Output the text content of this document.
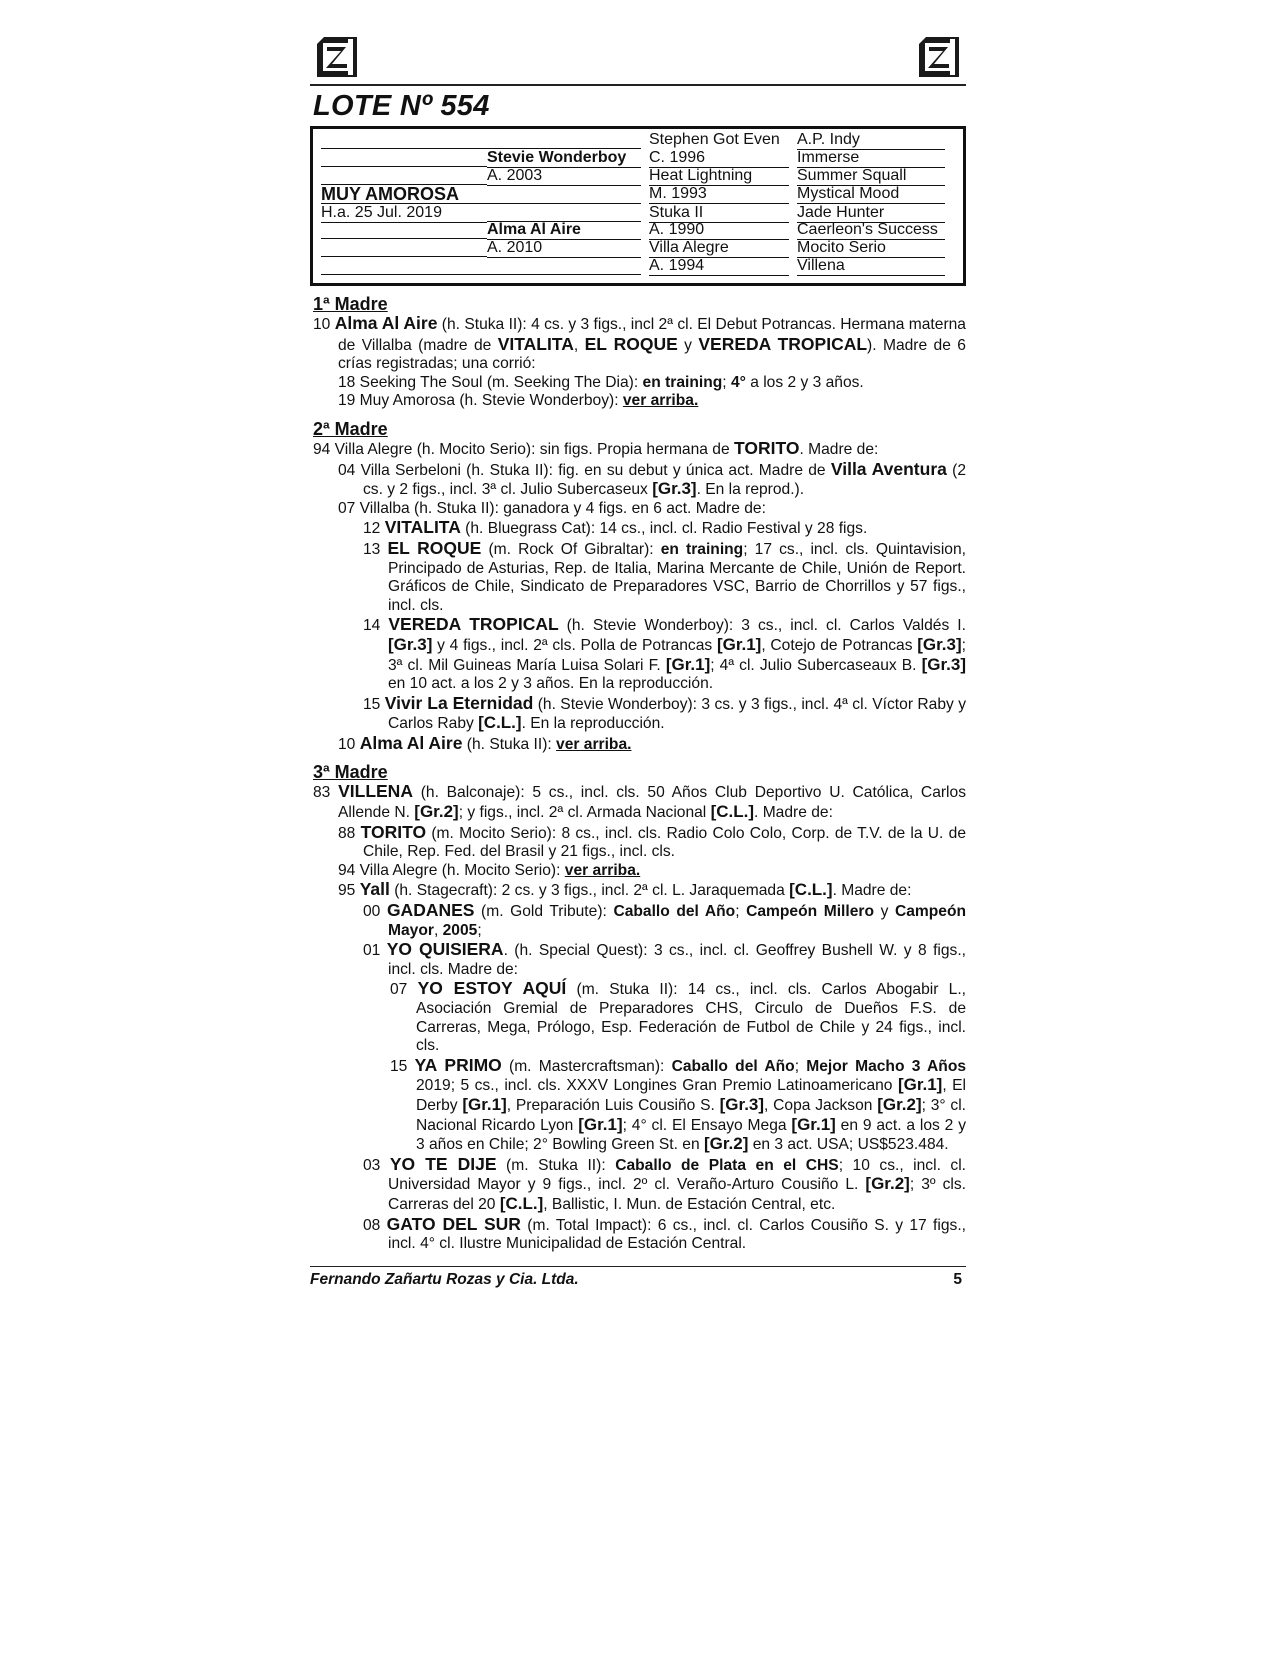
LOTE Nº 554
MUY AMOROSA
H.a. 25 Jul. 2019
Stevie Wonderboy
A. 2003
Alma Al Aire
A. 2010
Stephen Got Even
C. 1996
Heat Lightning
M. 1993
Stuka II
A. 1990
Villa Alegre
A. 1994
A.P. Indy
Immerse
Summer Squall
Mystical Mood
Jade Hunter
Caerleon's Success
Mocito Serio
Villena
1ª Madre
10 Alma Al Aire (h. Stuka II): 4 cs. y 3 figs., incl 2ª cl. El Debut Potrancas. Hermana materna de Villalba (madre de VITALITA, EL ROQUE y VEREDA TROPICAL). Madre de 6 crías registradas; una corrió:
18 Seeking The Soul (m. Seeking The Dia): en training; 4° a los 2 y 3 años.
19 Muy Amorosa (h. Stevie Wonderboy): ver arriba.
2ª Madre
94 Villa Alegre (h. Mocito Serio): sin figs. Propia hermana de TORITO. Madre de:
04 Villa Serbeloni (h. Stuka II): fig. en su debut y única act. Madre de Villa Aventura (2 cs. y 2 figs., incl. 3ª cl. Julio Subercaseux [Gr.3]. En la reprod.).
07 Villalba (h. Stuka II): ganadora y 4 figs. en 6 act. Madre de:
12 VITALITA (h. Bluegrass Cat): 14 cs., incl. cl. Radio Festival y 28 figs.
13 EL ROQUE (m. Rock Of Gibraltar): en training; 17 cs., incl. cls. Quintavision, Principado de Asturias, Rep. de Italia, Marina Mercante de Chile, Unión de Report. Gráficos de Chile, Sindicato de Preparadores VSC, Barrio de Chorrillos y 57 figs., incl. cls.
14 VEREDA TROPICAL (h. Stevie Wonderboy): 3 cs., incl. cl. Carlos Valdés I. [Gr.3] y 4 figs., incl. 2ª cls. Polla de Potrancas [Gr.1], Cotejo de Potrancas [Gr.3]; 3ª cl. Mil Guineas María Luisa Solari F. [Gr.1]; 4ª cl. Julio Subercaseaux B. [Gr.3] en 10 act. a los 2 y 3 años. En la reproducción.
15 Vivir La Eternidad (h. Stevie Wonderboy): 3 cs. y 3 figs., incl. 4ª cl. Víctor Raby y Carlos Raby [C.L.]. En la reproducción.
10 Alma Al Aire (h. Stuka II): ver arriba.
3ª Madre
83 VILLENA (h. Balconaje): 5 cs., incl. cls. 50 Años Club Deportivo U. Católica, Carlos Allende N. [Gr.2]; y figs., incl. 2ª cl. Armada Nacional [C.L.]. Madre de:
88 TORITO (m. Mocito Serio): 8 cs., incl. cls. Radio Colo Colo, Corp. de T.V. de la U. de Chile, Rep. Fed. del Brasil y 21 figs., incl. cls.
94 Villa Alegre (h. Mocito Serio): ver arriba.
95 Yall (h. Stagecraft): 2 cs. y 3 figs., incl. 2ª cl. L. Jaraquemada [C.L.]. Madre de:
00 GADANES (m. Gold Tribute): Caballo del Año; Campeón Millero y Campeón Mayor, 2005;
01 YO QUISIERA. (h. Special Quest): 3 cs., incl. cl. Geoffrey Bushell W. y 8 figs., incl. cls. Madre de:
07 YO ESTOY AQUÍ (m. Stuka II): 14 cs., incl. cls. Carlos Abogabir L., Asociación Gremial de Preparadores CHS, Circulo de Dueños F.S. de Carreras, Mega, Prólogo, Esp. Federación de Futbol de Chile y 24 figs., incl. cls.
15 YA PRIMO (m. Mastercraftsman): Caballo del Año; Mejor Macho 3 Años 2019; 5 cs., incl. cls. XXXV Longines Gran Premio Latinoamericano [Gr.1], El Derby [Gr.1], Preparación Luis Cousiño S. [Gr.3], Copa Jackson [Gr.2]; 3° cl. Nacional Ricardo Lyon [Gr.1]; 4° cl. El Ensayo Mega [Gr.1] en 9 act. a los 2 y 3 años en Chile; 2° Bowling Green St. en [Gr.2] en 3 act. USA; US$523.484.
03 YO TE DIJE (m. Stuka II): Caballo de Plata en el CHS; 10 cs., incl. cl. Universidad Mayor y 9 figs., incl. 2º cl. Veraño-Arturo Cousiño L. [Gr.2]; 3º cls. Carreras del 20 [C.L.], Ballistic, I. Mun. de Estación Central, etc.
08 GATO DEL SUR (m. Total Impact): 6 cs., incl. cl. Carlos Cousiño S. y 17 figs., incl. 4° cl. Ilustre Municipalidad de Estación Central.
Fernando Zañartu Rozas y Cia. Ltda.	5
